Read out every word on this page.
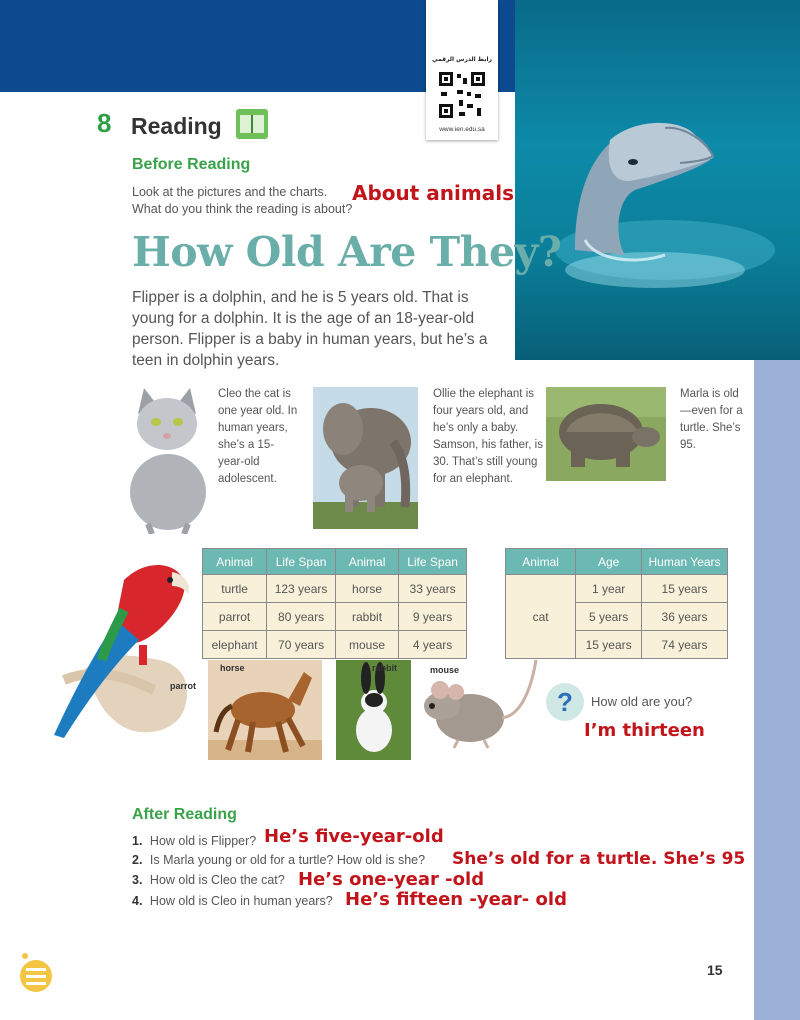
رابط الدرس الرقمي
www.ien.edu.sa
8 Reading
Before Reading
Look at the pictures and the charts.
What do you think the reading is about?
About animals
How Old Are They?
Flipper is a dolphin, and he is 5 years old. That is young for a dolphin. It is the age of an 18-year-old person. Flipper is a baby in human years, but he’s a teen in dolphin years.
Cleo the cat is one year old. In human years, she’s a 15-year-old adolescent.
Ollie the elephant is four years old, and he’s only a baby. Samson, his father, is 30. That’s still young for an elephant.
Marla is old—even for a turtle. She’s 95.
parrot
Animal	Life Span	Animal	Life Span
turtle	123 years	horse	33 years
parrot	80 years	rabbit	9 years
elephant	70 years	mouse	4 years
Animal	Age	Human Years
cat	1 year	15 years
	5 years	36 years
	15 years	74 years
horse	rabbit	mouse
?	How old are you?
I’m thirteen
After Reading
1. How old is Flipper? He’s five-year-old
2. Is Marla young or old for a turtle? How old is she? She’s old for a turtle. She’s 95
3. How old is Cleo the cat? He’s one-year -old
4. How old is Cleo in human years? He’s fifteen -year- old
15
